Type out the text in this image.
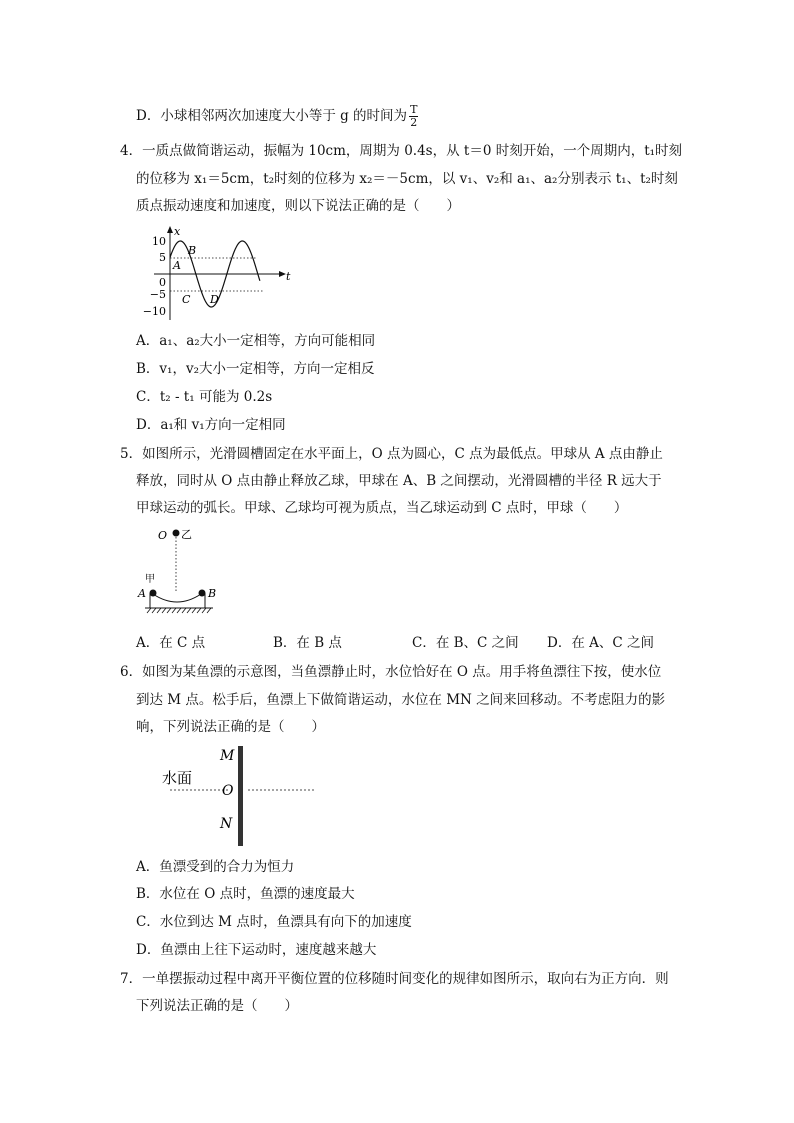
D．小球相邻两次加速度大小等于 g 的时间为 $\frac{T}{2}$
4．一质点做简谐运动，振幅为 10cm，周期为 0.4s，从 t＝0 时刻开始，一个周期内，t₁时刻
的位移为 x₁＝5cm，t₂时刻的位移为 x₂＝－5cm，以 v₁、v₂和 a₁、a₂分别表示 t₁、t₂时刻
质点振动速度和加速度，则以下说法正确的是（　　）
x
t
10
5
0
−5
−10
A
B
C D
A．a₁、a₂大小一定相等，方向可能相同
B．v₁，v₂大小一定相等，方向一定相反
C．t₂ - t₁ 可能为 0.2s
D．a₁和 v₁方向一定相同
5．如图所示，光滑圆槽固定在水平面上，O 点为圆心，C 点为最低点。甲球从 A 点由静止
释放，同时从 O 点由静止释放乙球，甲球在 A、B 之间摆动，光滑圆槽的半径 R 远大于
甲球运动的弧长。甲球、乙球均可视为质点，当乙球运动到 C 点时，甲球（　　）
O 乙
甲
A	B
A．在 C 点	B．在 B 点	C．在 B、C 之间 D．在 A、C 之间
6．如图为某鱼漂的示意图，当鱼漂静止时，水位恰好在 O 点。用手将鱼漂往下按，使水位
到达 M 点。松手后，鱼漂上下做简谐运动，水位在 MN 之间来回移动。不考虑阻力的影
响，下列说法正确的是（　　）
水面
M
O
N
A．鱼漂受到的合力为恒力
B．水位在 O 点时，鱼漂的速度最大
C．水位到达 M 点时，鱼漂具有向下的加速度
D．鱼漂由上往下运动时，速度越来越大
7．一单摆振动过程中离开平衡位置的位移随时间变化的规律如图所示，取向右为正方向．则
下列说法正确的是（　　）
